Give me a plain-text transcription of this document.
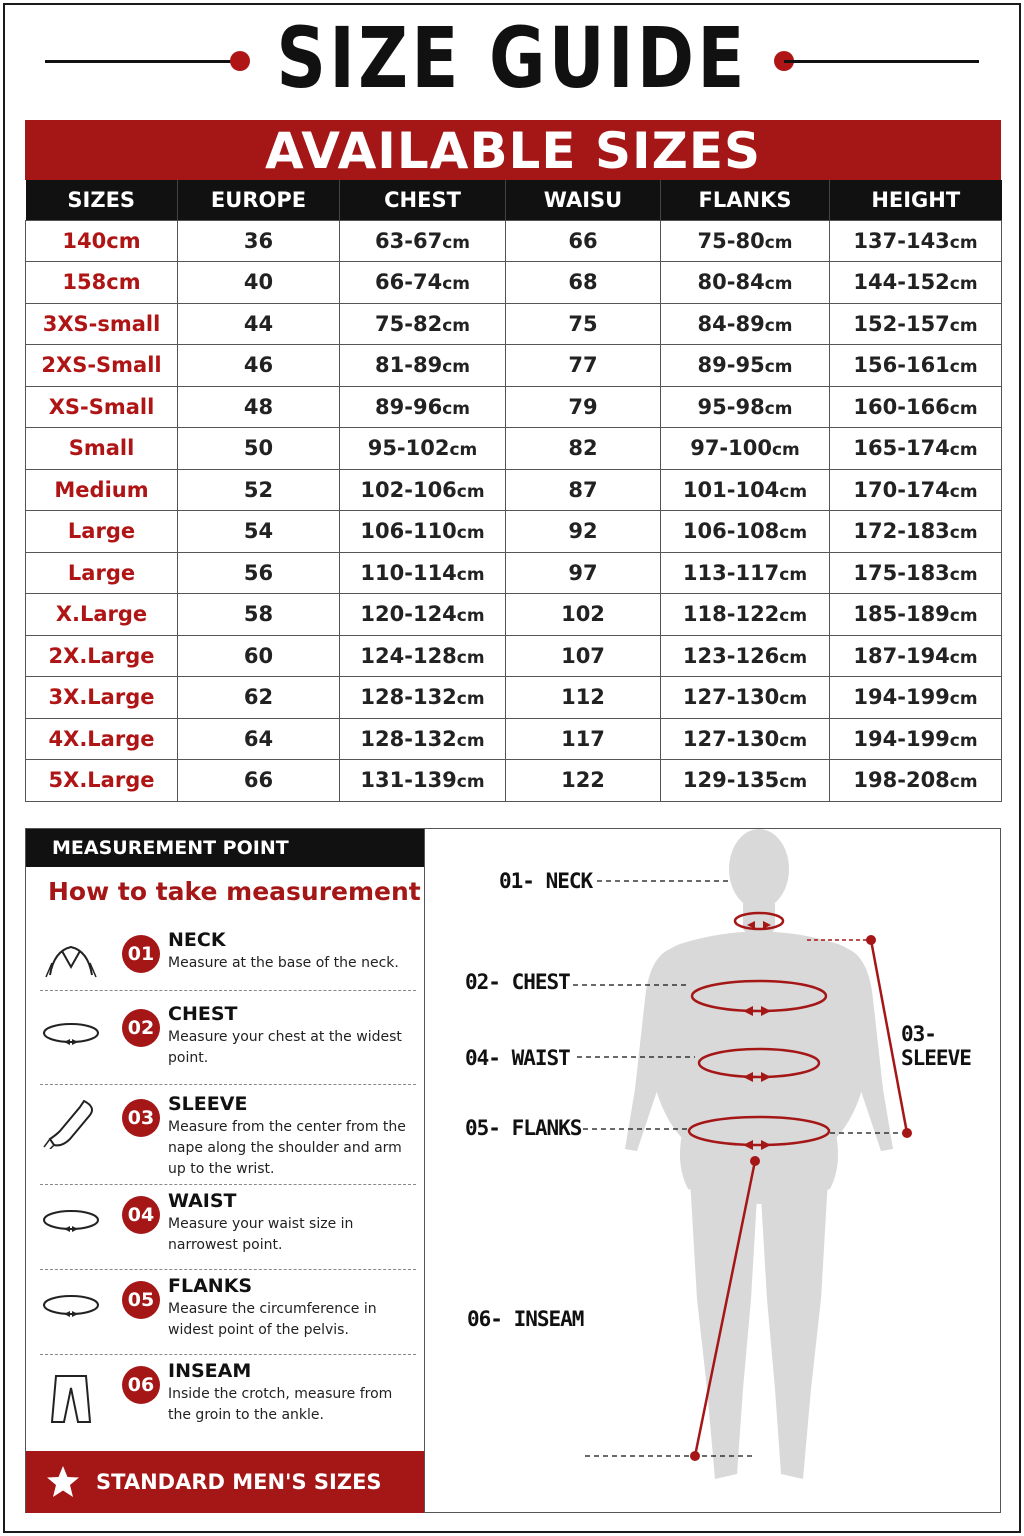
SIZE GUIDE
AVAILABLE SIZES
SIZES	EUROPE	CHEST	WAISU	FLANKS	HEIGHT
140cm	36	63-67cm	66	75-80cm	137-143cm
158cm	40	66-74cm	68	80-84cm	144-152cm
3XS-small	44	75-82cm	75	84-89cm	152-157cm
2XS-Small	46	81-89cm	77	89-95cm	156-161cm
XS-Small	48	89-96cm	79	95-98cm	160-166cm
Small	50	95-102cm	82	97-100cm	165-174cm
Medium	52	102-106cm	87	101-104cm	170-174cm
Large	54	106-110cm	92	106-108cm	172-183cm
Large	56	110-114cm	97	113-117cm	175-183cm
X.Large	58	120-124cm	102	118-122cm	185-189cm
2X.Large	60	124-128cm	107	123-126cm	187-194cm
3X.Large	62	128-132cm	112	127-130cm	194-199cm
4X.Large	64	128-132cm	117	127-130cm	194-199cm
5X.Large	66	131-139cm	122	129-135cm	198-208cm
MEASUREMENT POINT
How to take measurement
01
NECK
Measure at the base of the neck.
02
CHEST
Measure your chest at the widest point.
03
SLEEVE
Measure from the center from the nape along the shoulder and arm up to the wrist.
04
WAIST
Measure your waist size in narrowest point.
05
FLANKS
Measure the circumference in widest point of the pelvis.
06
INSEAM
Inside the crotch, measure from the groin to the ankle.
STANDARD MEN'S SIZES
01- NECK
02- CHEST
03- SLEEVE
04- WAIST
05- FLANKS
06- INSEAM
